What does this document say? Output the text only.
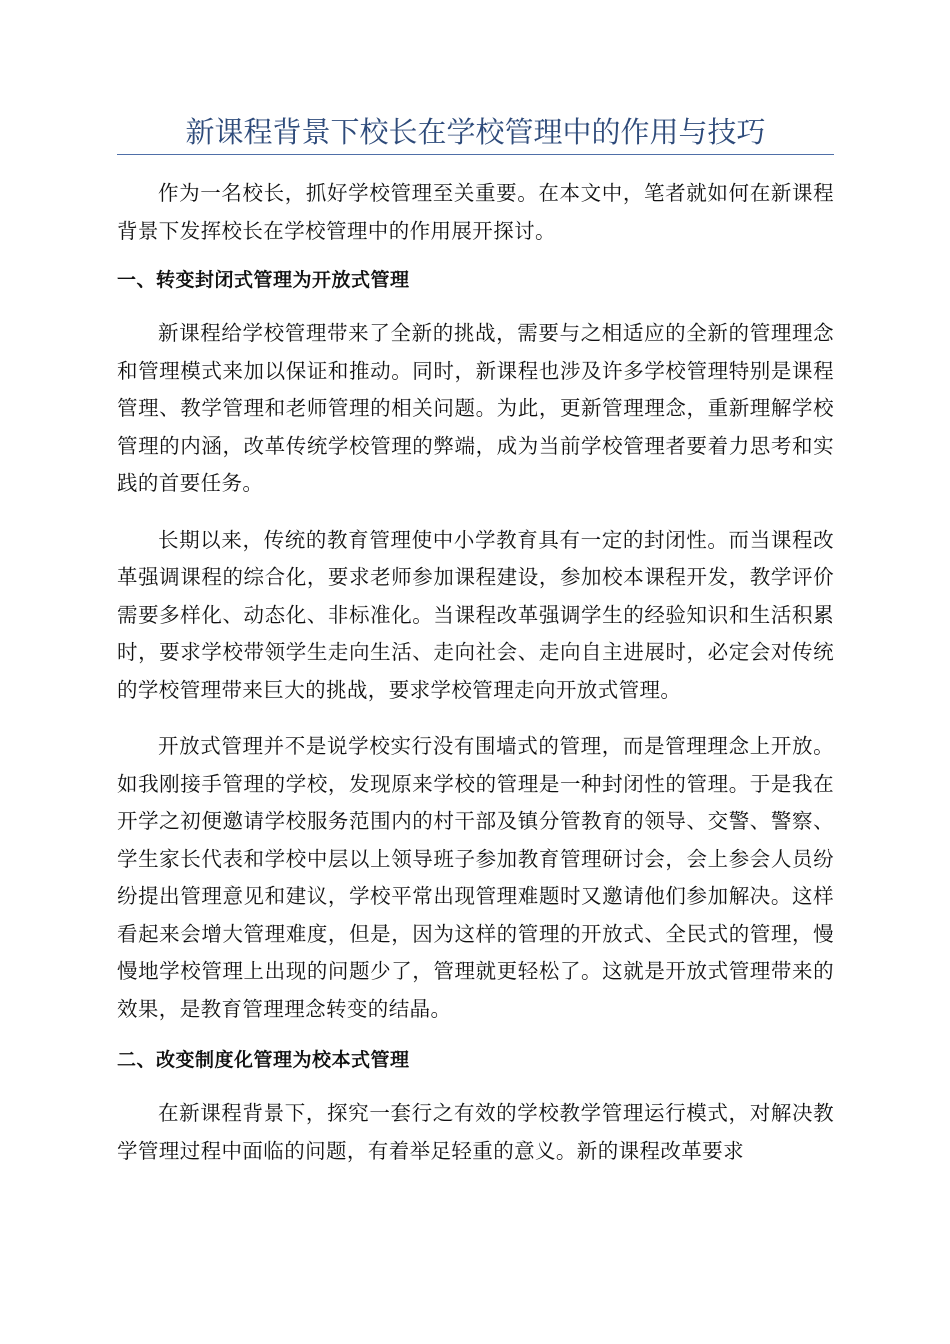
新课程背景下校长在学校管理中的作用与技巧

作为一名校长，抓好学校管理至关重要。在本文中，笔者就如何在新课程背景下发挥校长在学校管理中的作用展开探讨。

一、转变封闭式管理为开放式管理

新课程给学校管理带来了全新的挑战，需要与之相适应的全新的管理理念和管理模式来加以保证和推动。同时，新课程也涉及许多学校管理特别是课程管理、教学管理和老师管理的相关问题。为此，更新管理理念，重新理解学校管理的内涵，改革传统学校管理的弊端，成为当前学校管理者要着力思考和实践的首要任务。

长期以来，传统的教育管理使中小学教育具有一定的封闭性。而当课程改革强调课程的综合化，要求老师参加课程建设，参加校本课程开发，教学评价需要多样化、动态化、非标准化。当课程改革强调学生的经验知识和生活积累时，要求学校带领学生走向生活、走向社会、走向自主进展时，必定会对传统的学校管理带来巨大的挑战，要求学校管理走向开放式管理。

开放式管理并不是说学校实行没有围墙式的管理，而是管理理念上开放。如我刚接手管理的学校，发现原来学校的管理是一种封闭性的管理。于是我在开学之初便邀请学校服务范围内的村干部及镇分管教育的领导、交警、警察、学生家长代表和学校中层以上领导班子参加教育管理研讨会，会上参会人员纷纷提出管理意见和建议，学校平常出现管理难题时又邀请他们参加解决。这样看起来会增大管理难度，但是，因为这样的管理的开放式、全民式的管理，慢慢地学校管理上出现的问题少了，管理就更轻松了。这就是开放式管理带来的效果，是教育管理理念转变的结晶。

二、改变制度化管理为校本式管理

在新课程背景下，探究一套行之有效的学校教学管理运行模式，对解决教学管理过程中面临的问题，有着举足轻重的意义。新的课程改革要求
